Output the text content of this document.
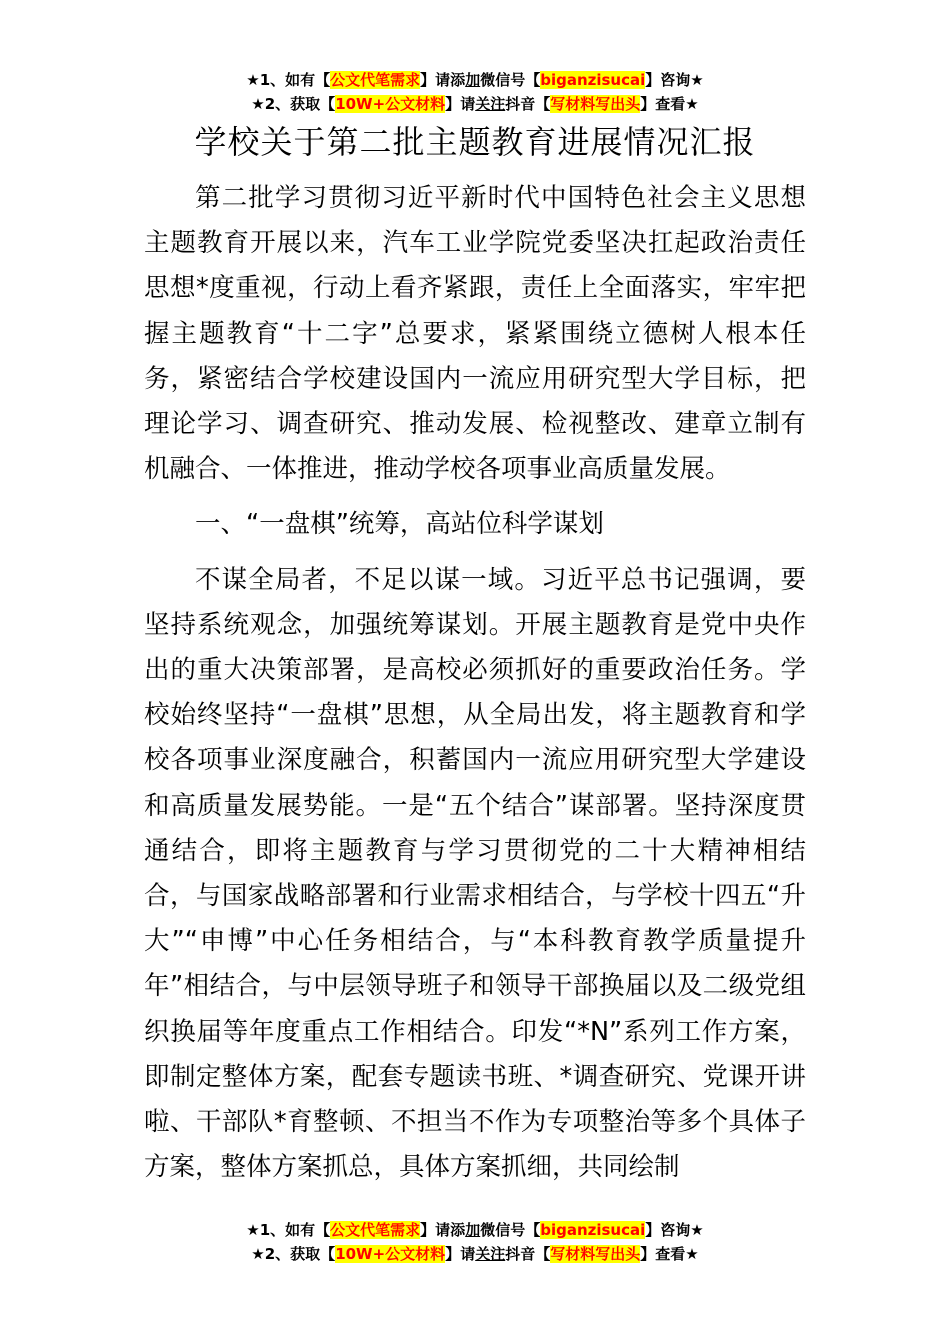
★1、如有【公文代笔需求】请添加微信号【biganzisucai】咨询★
★2、获取【10W+公文材料】请关注抖音【写材料写出头】查看★
学校关于第二批主题教育进展情况汇报

第二批学习贯彻习近平新时代中国特色社会主义思想主题教育开展以来，汽车工业学院党委坚决扛起政治责任思想*度重视，行动上看齐紧跟，责任上全面落实，牢牢把握主题教育“十二字”总要求，紧紧围绕立德树人根本任务，紧密结合学校建设国内一流应用研究型大学目标，把理论学习、调查研究、推动发展、检视整改、建章立制有机融合、一体推进，推动学校各项事业高质量发展。

一、“一盘棋”统筹，高站位科学谋划

不谋全局者，不足以谋一域。习近平总书记强调，要坚持系统观念，加强统筹谋划。开展主题教育是党中央作出的重大决策部署，是高校必须抓好的重要政治任务。学校始终坚持“一盘棋”思想，从全局出发，将主题教育和学校各项事业深度融合，积蓄国内一流应用研究型大学建设和高质量发展势能。一是“五个结合”谋部署。坚持深度贯通结合，即将主题教育与学习贯彻党的二十大精神相结合，与国家战略部署和行业需求相结合，与学校十四五“升大”“申博”中心任务相结合，与“本科教育教学质量提升年”相结合，与中层领导班子和领导干部换届以及二级党组织换届等年度重点工作相结合。印发“*N”系列工作方案，即制定整体方案，配套专题读书班、*调查研究、党课开讲啦、干部队*育整顿、不担当不作为专项整治等多个具体子方案，整体方案抓总，具体方案抓细，共同绘制

★1、如有【公文代笔需求】请添加微信号【biganzisucai】咨询★
★2、获取【10W+公文材料】请关注抖音【写材料写出头】查看★
